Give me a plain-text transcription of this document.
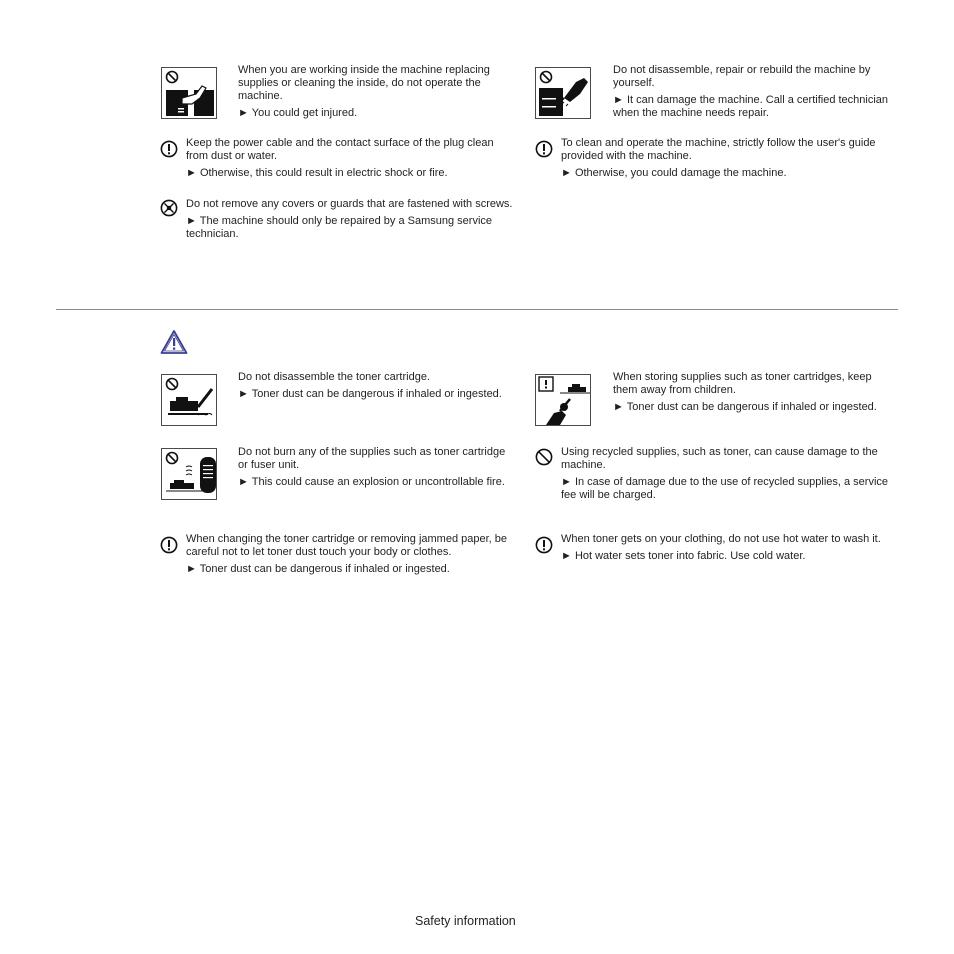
When you are working inside the machine replacing supplies or cleaning the inside, do not operate the machine.

► You could get injured.

Do not disassemble, repair or rebuild the machine by yourself.

► It can damage the machine. Call a certified technician when the machine needs repair.

Keep the power cable and the contact surface of the plug clean from dust or water.

► Otherwise, this could result in electric shock or fire.

To clean and operate the machine, strictly follow the user's guide provided with the machine.

► Otherwise, you could damage the machine.

Do not remove any covers or guards that are fastened with screws.

► The machine should only be repaired by a Samsung service technician.

Do not disassemble the toner cartridge.

► Toner dust can be dangerous if inhaled or ingested.

When storing supplies such as toner cartridges, keep them away from children.

► Toner dust can be dangerous if inhaled or ingested.

Do not burn any of the supplies such as toner cartridge or fuser unit.

► This could cause an explosion or uncontrollable fire.

Using recycled supplies, such as toner, can cause damage to the machine.

► In case of damage due to the use of recycled supplies, a service fee will be charged.

When changing the toner cartridge or removing jammed paper, be careful not to let toner dust touch your body or clothes.

► Toner dust can be dangerous if inhaled or ingested.

When toner gets on your clothing, do not use hot water to wash it.

► Hot water sets toner into fabric. Use cold water.

Safety information
